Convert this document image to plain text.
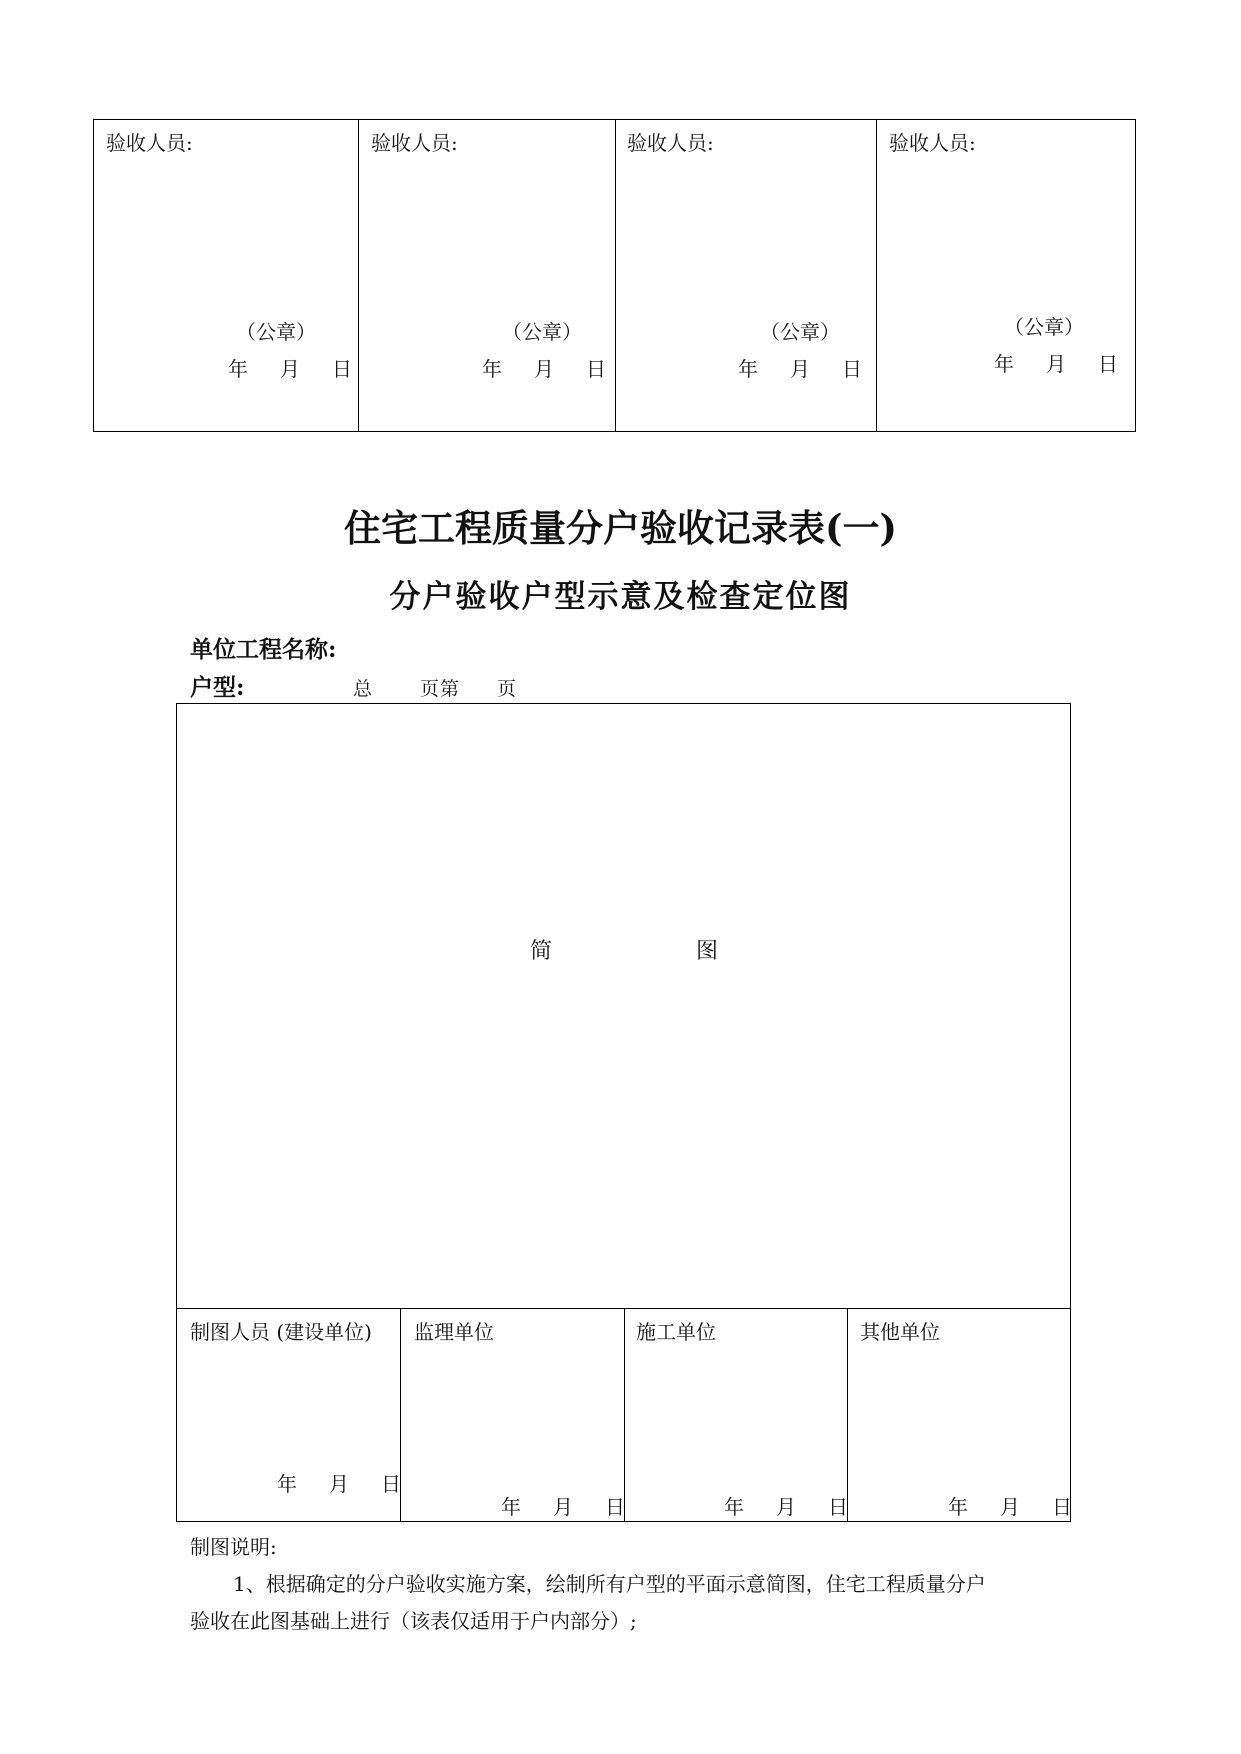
验收人员:
（公章）
年　月　日
验收人员:
（公章）
年　月　日
验收人员:
（公章）
年　月　日
验收人员:
（公章）
年　月　日
住宅工程质量分户验收记录表(一)
分户验收户型示意及检查定位图
单位工程名称:
户型:	总 页第 页
简	图
制图人员 (建设单位)
年　月　日
监理单位
年　月　日
施工单位
年　月　日
其他单位
年　月　日
制图说明:
1、根据确定的分户验收实施方案，绘制所有户型的平面示意简图，住宅工程质量分户
验收在此图基础上进行（该表仅适用于户内部分）;
